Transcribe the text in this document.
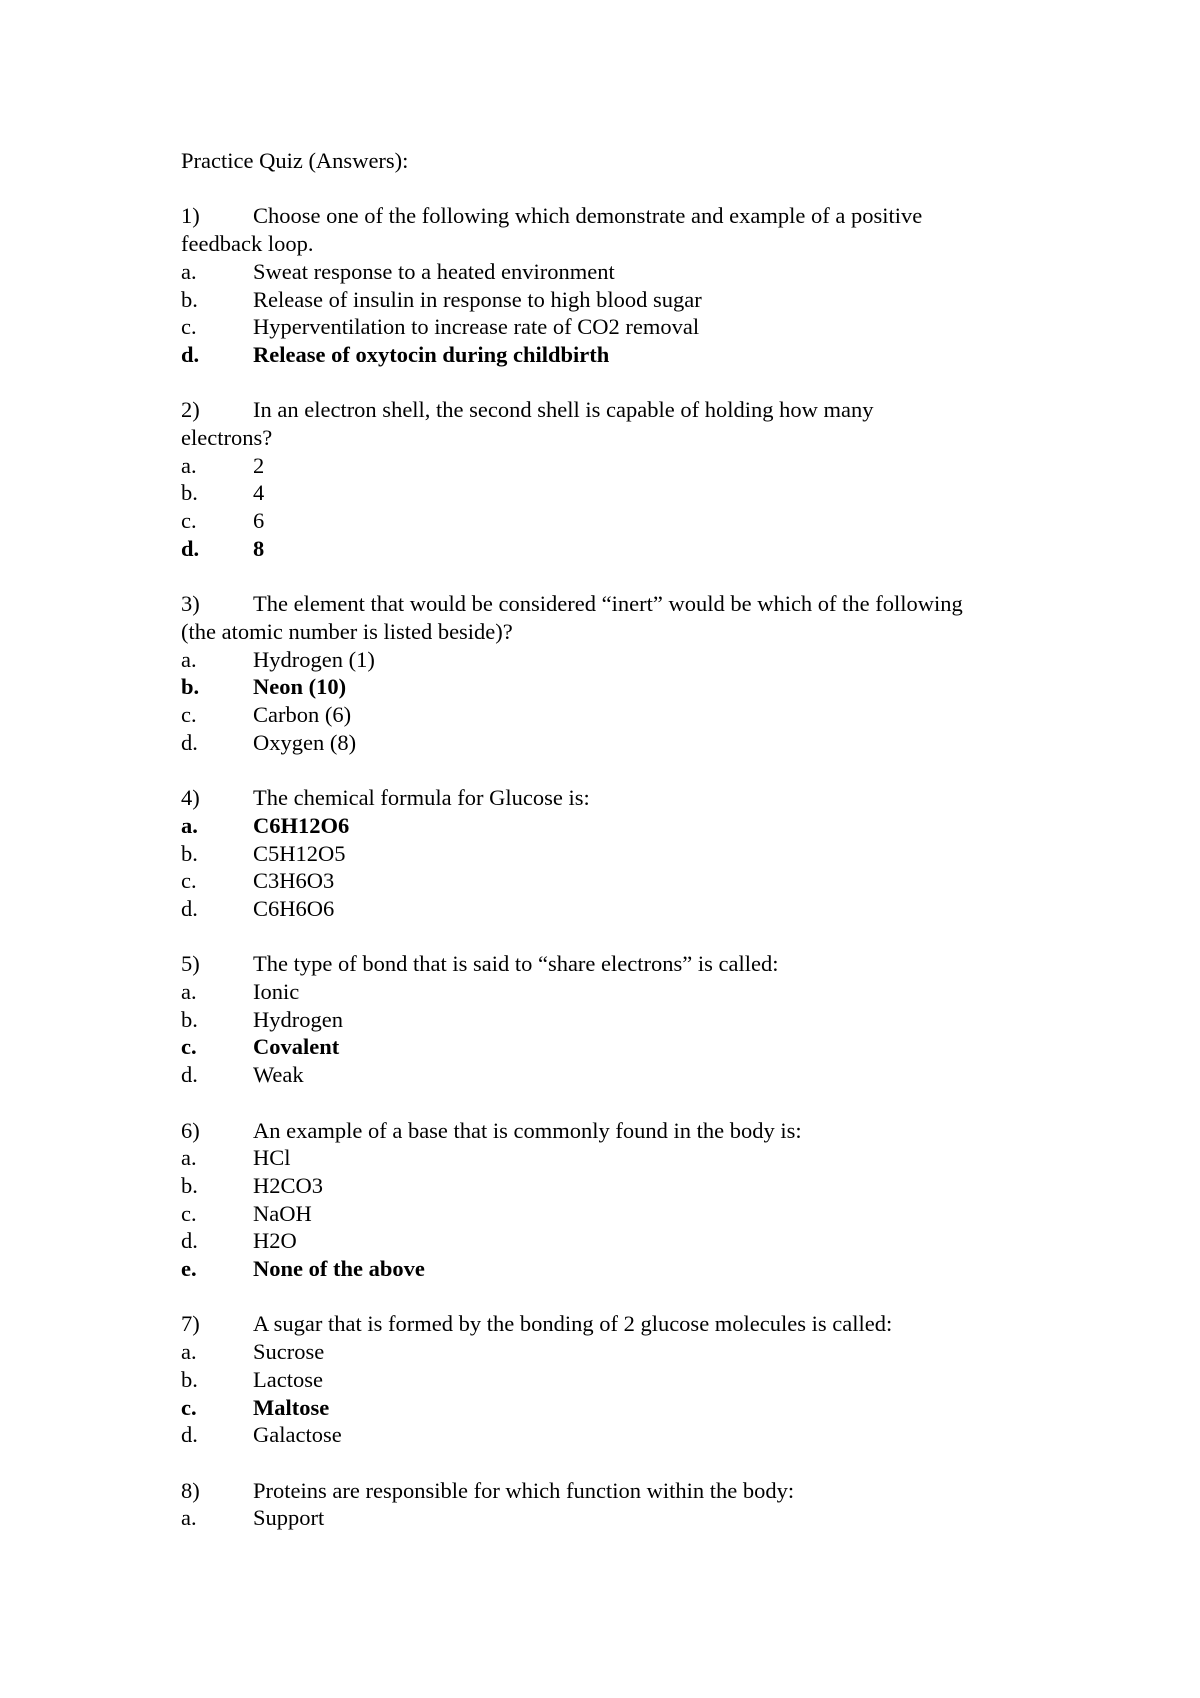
Practice Quiz (Answers):

1) Choose one of the following which demonstrate and example of a positive

feedback loop.

a.	Sweat response to a heated environment

b. Release of insulin in response to high blood sugar

c.	Hyperventilation to increase rate of CO2 removal

d. Release of oxytocin during childbirth

2) In an electron shell, the second shell is capable of holding how many

electrons?

a.	2

b. 4

c.	6

d. 8

3) The element that would be considered “inert” would be which of the following

(the atomic number is listed beside)?

a.	Hydrogen (1)

b. Neon (10)

c.	Carbon (6)

d. Oxygen (8)

4) The chemical formula for Glucose is:

a. C6H12O6

b. C5H12O5

c.	C3H6O3

d. C6H6O6

5) The type of bond that is said to “share electrons” is called:

a.	Ionic

b. Hydrogen

c.	Covalent

d. Weak

6) An example of a base that is commonly found in the body is:

a.	HCl

b. H2CO3

c.	NaOH

d. H2O

e.	None of the above

7) A sugar that is formed by the bonding of 2 glucose molecules is called:

a.	Sucrose

b. Lactose

c.	Maltose

d. Galactose

8) Proteins are responsible for which function within the body:

a.	Support
